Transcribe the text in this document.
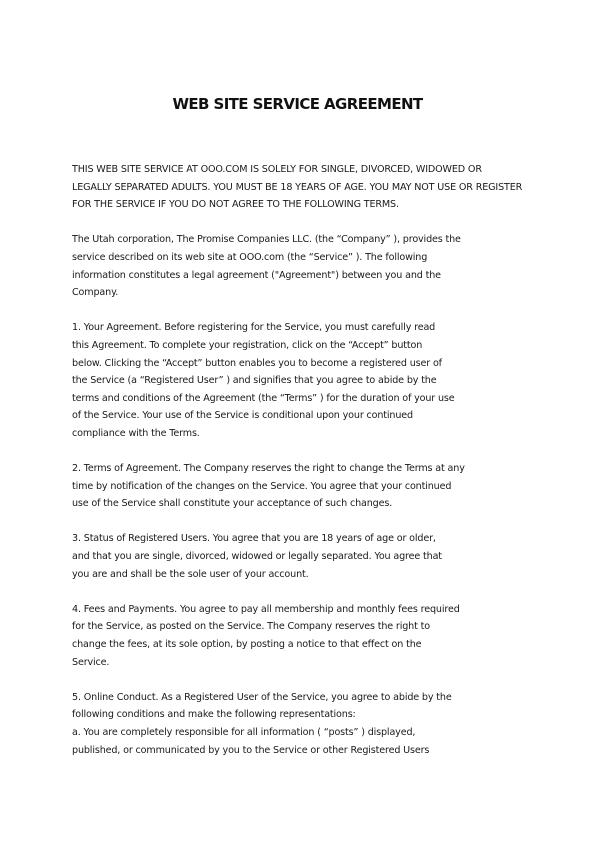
WEB SITE SERVICE AGREEMENT

THIS WEB SITE SERVICE AT OOO.COM IS SOLELY FOR SINGLE, DIVORCED, WIDOWED OR
LEGALLY SEPARATED ADULTS. YOU MUST BE 18 YEARS OF AGE. YOU MAY NOT USE OR REGISTER
FOR THE SERVICE IF YOU DO NOT AGREE TO THE FOLLOWING TERMS.

The Utah corporation, The Promise Companies LLC. (the “Company” ), provides the
service described on its web site at OOO.com (the “Service” ). The following
information constitutes a legal agreement ("Agreement") between you and the
Company.

1. Your Agreement. Before registering for the Service, you must carefully read
this Agreement. To complete your registration, click on the “Accept” button
below. Clicking the “Accept” button enables you to become a registered user of
the Service (a “Registered User” ) and signifies that you agree to abide by the
terms and conditions of the Agreement (the “Terms” ) for the duration of your use
of the Service. Your use of the Service is conditional upon your continued
compliance with the Terms.

2. Terms of Agreement. The Company reserves the right to change the Terms at any
time by notification of the changes on the Service. You agree that your continued
use of the Service shall constitute your acceptance of such changes.

3. Status of Registered Users. You agree that you are 18 years of age or older,
and that you are single, divorced, widowed or legally separated. You agree that
you are and shall be the sole user of your account.

4. Fees and Payments. You agree to pay all membership and monthly fees required
for the Service, as posted on the Service. The Company reserves the right to
change the fees, at its sole option, by posting a notice to that effect on the
Service.

5. Online Conduct. As a Registered User of the Service, you agree to abide by the
following conditions and make the following representations:
a. You are completely responsible for all information ( “posts” ) displayed,
published, or communicated by you to the Service or other Registered Users
